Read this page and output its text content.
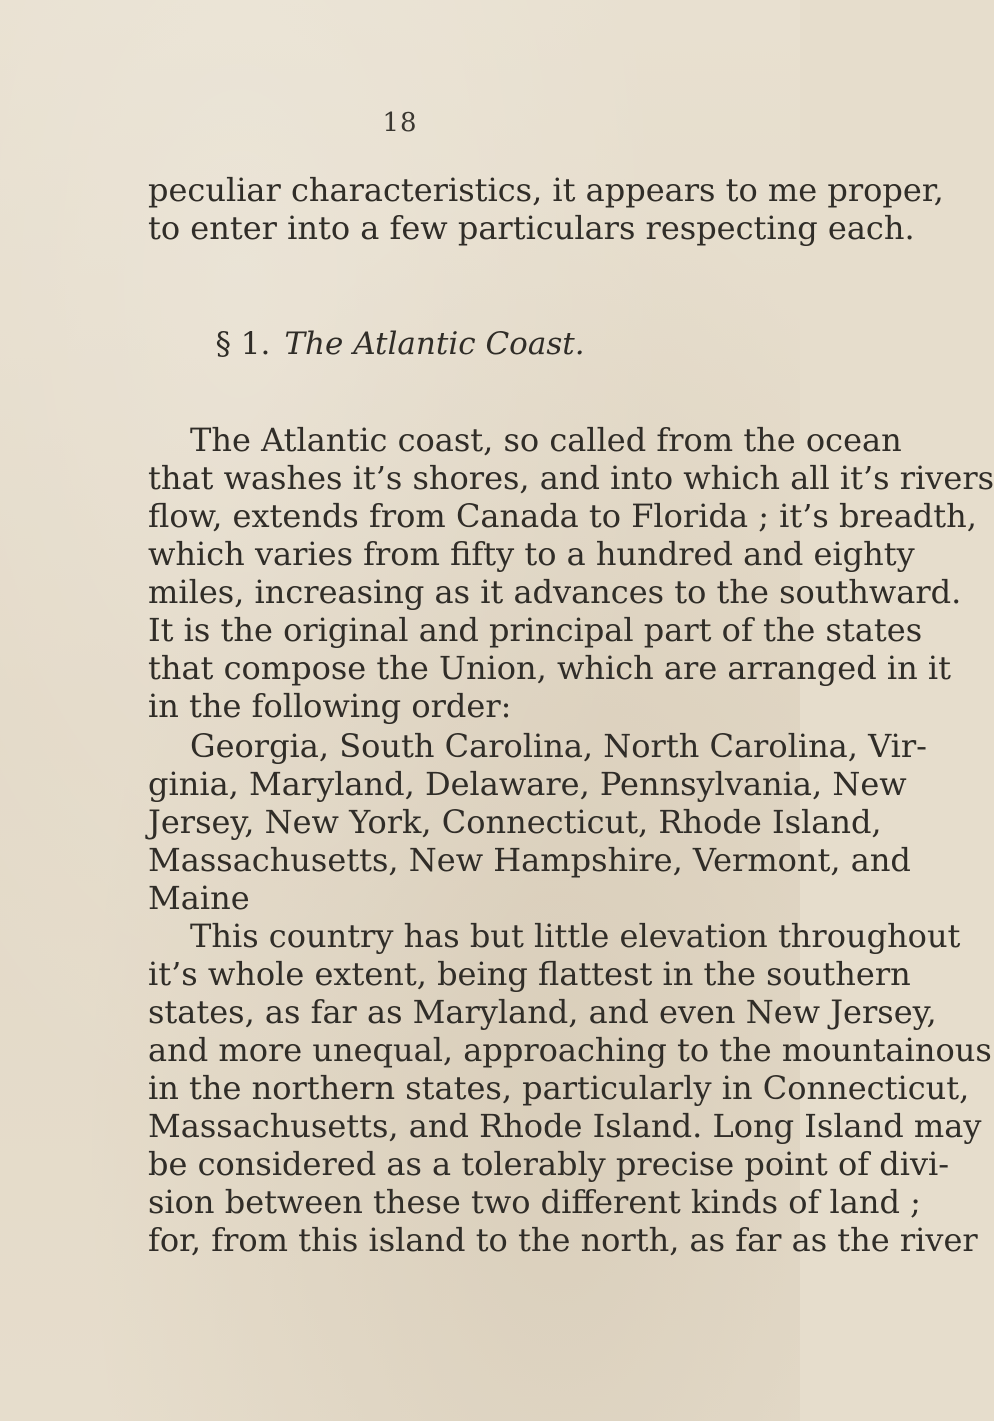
18
peculiar characteristics, it appears to me proper,
to enter into a few particulars respecting each.
§ 1. The Atlantic Coast.
The Atlantic coast, so called from the ocean
that washes it’s shores, and into which all it’s rivers
flow, extends from Canada to Florida ; it’s breadth,
which varies from fifty to a hundred and eighty
miles, increasing as it advances to the southward.
It is the original and principal part of the states
that compose the Union, which are arranged in it
in the following order:
Georgia, South Carolina, North Carolina, Vir-
ginia, Maryland, Delaware, Pennsylvania, New
Jersey, New York, Connecticut, Rhode Island,
Massachusetts, New Hampshire, Vermont, and
Maine
This country has but little elevation throughout
it’s whole extent, being flattest in the southern
states, as far as Maryland, and even New Jersey,
and more unequal, approaching to the mountainous
in the northern states, particularly in Connecticut,
Massachusetts, and Rhode Island. Long Island may
be considered as a tolerably precise point of divi-
sion between these two different kinds of land ;
for, from this island to the north, as far as the river
